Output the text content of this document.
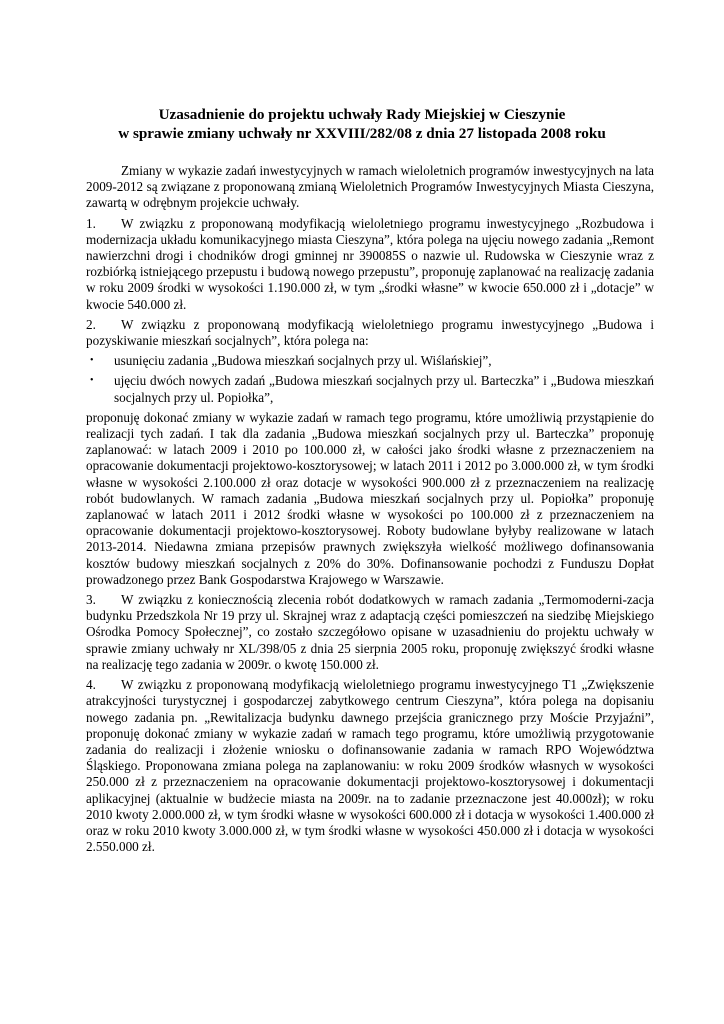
Uzasadnienie do projektu uchwały Rady Miejskiej w Cieszynie
w sprawie zmiany uchwały nr XXVIII/282/08 z dnia 27 listopada 2008 roku

Zmiany w wykazie zadań inwestycyjnych w ramach wieloletnich programów inwestycyjnych na lata 2009-2012 są związane z proponowaną zmianą Wieloletnich Programów Inwestycyjnych Miasta Cieszyna, zawartą w odrębnym projekcie uchwały.

1. W związku z proponowaną modyfikacją wieloletniego programu inwestycyjnego „Rozbudowa i modernizacja układu komunikacyjnego miasta Cieszyna”, która polega na ujęciu nowego zadania „Remont nawierzchni drogi i chodników drogi gminnej nr 390085S o nazwie ul. Rudowska w Cieszynie wraz z rozbiórką istniejącego przepustu i budową nowego przepustu”, proponuję zaplanować na realizację zadania w roku 2009 środki w wysokości 1.190.000 zł, w tym „środki własne” w kwocie 650.000 zł i „dotacje” w kwocie 540.000 zł.

2. W związku z proponowaną modyfikacją wieloletniego programu inwestycyjnego „Budowa i pozyskiwanie mieszkań socjalnych”, która polega na:

• usunięciu zadania „Budowa mieszkań socjalnych przy ul. Wiślańskiej”,
• ujęciu dwóch nowych zadań „Budowa mieszkań socjalnych przy ul. Barteczka” i „Budowa mieszkań socjalnych przy ul. Popiołka”,

proponuję dokonać zmiany w wykazie zadań w ramach tego programu, które umożliwią przystąpienie do realizacji tych zadań. I tak dla zadania „Budowa mieszkań socjalnych przy ul. Barteczka” proponuję zaplanować: w latach 2009 i 2010 po 100.000 zł, w całości jako środki własne z przeznaczeniem na opracowanie dokumentacji projektowo-kosztorysowej; w latach 2011 i 2012 po 3.000.000 zł, w tym środki własne w wysokości 2.100.000 zł oraz dotacje w wysokości 900.000 zł z przeznaczeniem na realizację robót budowlanych. W ramach zadania „Budowa mieszkań socjalnych przy ul. Popiołka” proponuję zaplanować w latach 2011 i 2012 środki własne w wysokości po 100.000 zł z przeznaczeniem na opracowanie dokumentacji projektowo-kosztorysowej. Roboty budowlane byłyby realizowane w latach 2013-2014. Niedawna zmiana przepisów prawnych zwiększyła wielkość możliwego dofinansowania kosztów budowy mieszkań socjalnych z 20% do 30%. Dofinansowanie pochodzi z Funduszu Dopłat prowadzonego przez Bank Gospodarstwa Krajowego w Warszawie.

3. W związku z koniecznością zlecenia robót dodatkowych w ramach zadania „Termomoderni-zacja budynku Przedszkola Nr 19 przy ul. Skrajnej wraz z adaptacją części pomieszczeń na siedzibę Miejskiego Ośrodka Pomocy Społecznej”, co zostało szczegółowo opisane w uzasadnieniu do projektu uchwały w sprawie zmiany uchwały nr XL/398/05 z dnia 25 sierpnia 2005 roku, proponuję zwiększyć środki własne na realizację tego zadania w 2009r. o kwotę 150.000 zł.

4. W związku z proponowaną modyfikacją wieloletniego programu inwestycyjnego T1 „Zwiększenie atrakcyjności turystycznej i gospodarczej zabytkowego centrum Cieszyna”, która polega na dopisaniu nowego zadania pn. „Rewitalizacja budynku dawnego przejścia granicznego przy Moście Przyjaźni”, proponuję dokonać zmiany w wykazie zadań w ramach tego programu, które umożliwią przygotowanie zadania do realizacji i złożenie wniosku o dofinansowanie zadania w ramach RPO Województwa Śląskiego. Proponowana zmiana polega na zaplanowaniu: w roku 2009 środków własnych w wysokości 250.000 zł z przeznaczeniem na opracowanie dokumentacji projektowo-kosztorysowej i dokumentacji aplikacyjnej (aktualnie w budżecie miasta na 2009r. na to zadanie przeznaczone jest 40.000zł); w roku 2010 kwoty 2.000.000 zł, w tym środki własne w wysokości 600.000 zł i dotacja w wysokości 1.400.000 zł oraz w roku 2010 kwoty 3.000.000 zł, w tym środki własne w wysokości 450.000 zł i dotacja w wysokości 2.550.000 zł.
